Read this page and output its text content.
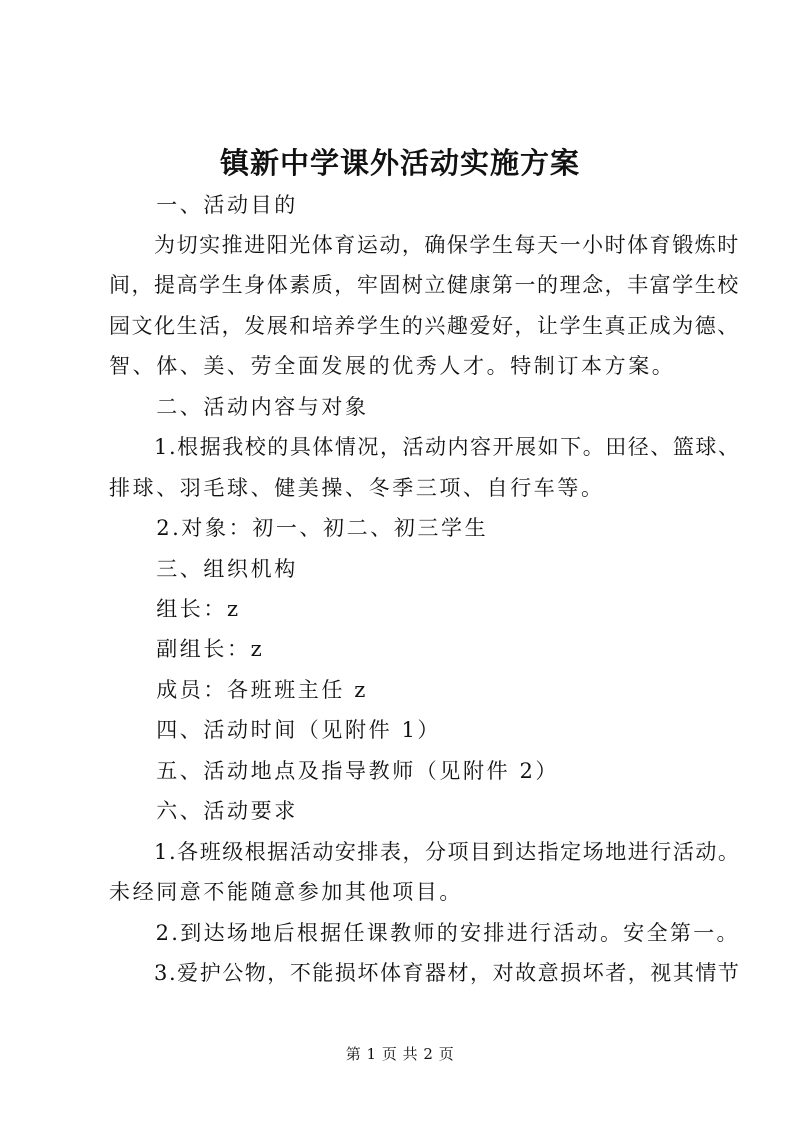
镇新中学课外活动实施方案
　　一、活动目的
　　为切实推进阳光体育运动，确保学生每天一小时体育锻炼时
间，提高学生身体素质，牢固树立健康第一的理念，丰富学生校
园文化生活，发展和培养学生的兴趣爱好，让学生真正成为德、
智、体、美、劳全面发展的优秀人才。特制订本方案。
　　二、活动内容与对象
　　1.根据我校的具体情况，活动内容开展如下。田径、篮球、
排球、羽毛球、健美操、冬季三项、自行车等。
　　2.对象：初一、初二、初三学生
　　三、组织机构
　　组长：z
　　副组长：z
　　成员：各班班主任 z
　　四、活动时间（见附件 1）
　　五、活动地点及指导教师（见附件 2）
　　六、活动要求
　　1.各班级根据活动安排表，分项目到达指定场地进行活动。
未经同意不能随意参加其他项目。
　　2.到达场地后根据任课教师的安排进行活动。安全第一。
　　3.爱护公物，不能损坏体育器材，对故意损坏者，视其情节
第 1 页 共 2 页
